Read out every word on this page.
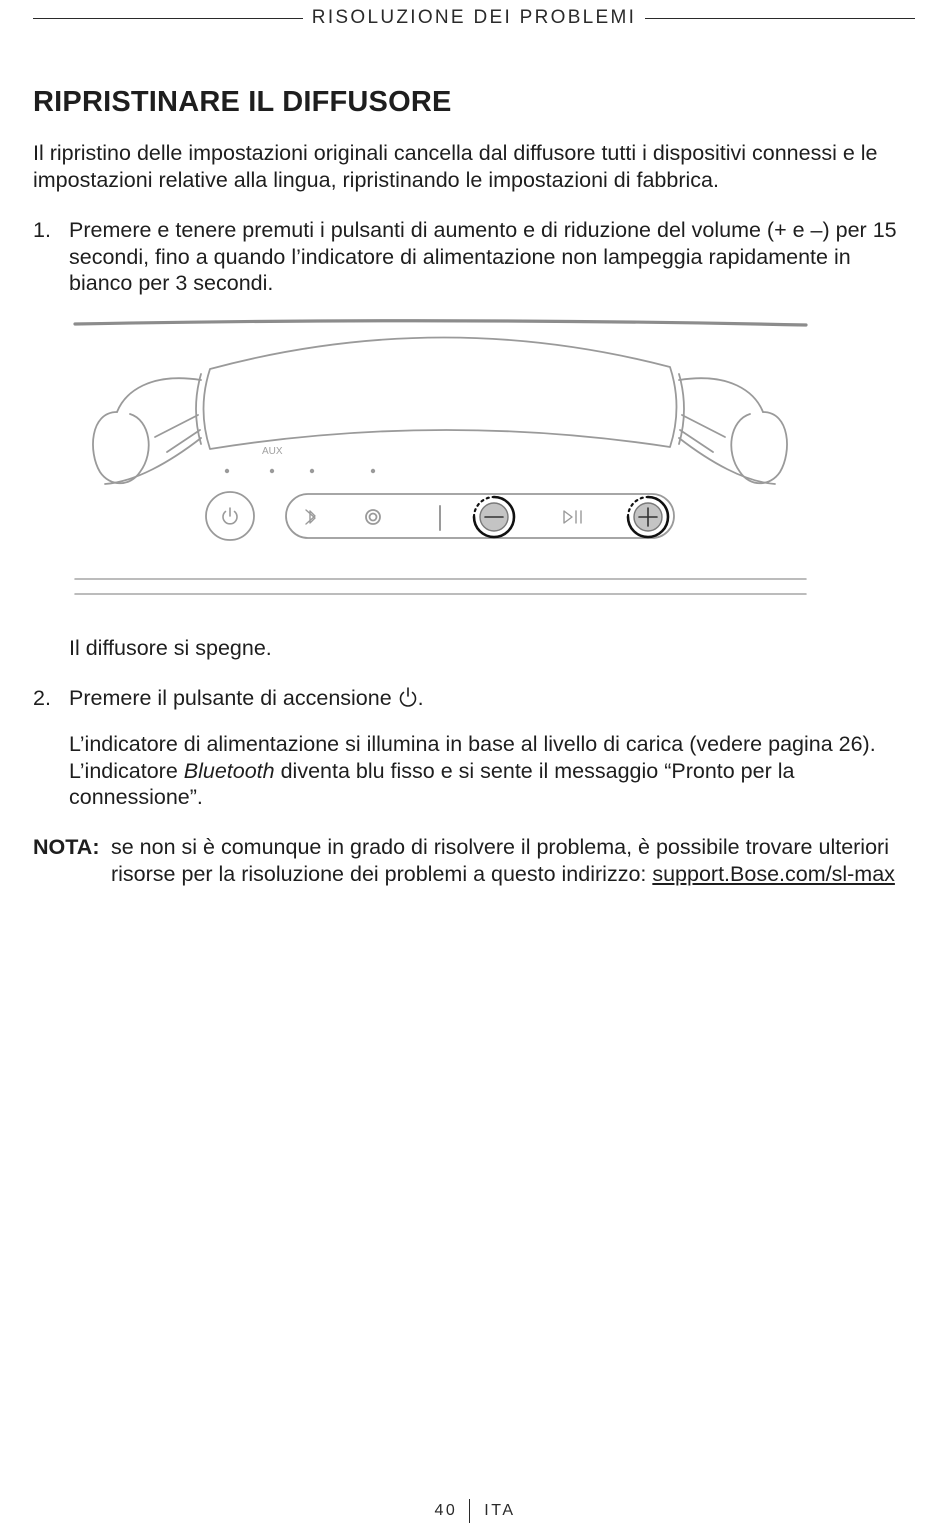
RISOLUZIONE DEI PROBLEMI
RIPRISTINARE IL DIFFUSORE

Il ripristino delle impostazioni originali cancella dal diffusore tutti i dispositivi connessi e le impostazioni relative alla lingua, ripristinando le impostazioni di fabbrica.

1. Premere e tenere premuti i pulsanti di aumento e di riduzione del volume (+ e –) per 15 secondi, fino a quando l’indicatore di alimentazione non lampeggia rapidamente in bianco per 3 secondi.

AUX

Il diffusore si spegne.

2. Premere il pulsante di accensione .

L’indicatore di alimentazione si illumina in base al livello di carica (vedere pagina 26). L’indicatore Bluetooth diventa blu fisso e si sente il messaggio “Pronto per la connessione”.

NOTA: se non si è comunque in grado di risolvere il problema, è possibile trovare ulteriori risorse per la risoluzione dei problemi a questo indirizzo: support.Bose.com/sl-max

40 ITA
